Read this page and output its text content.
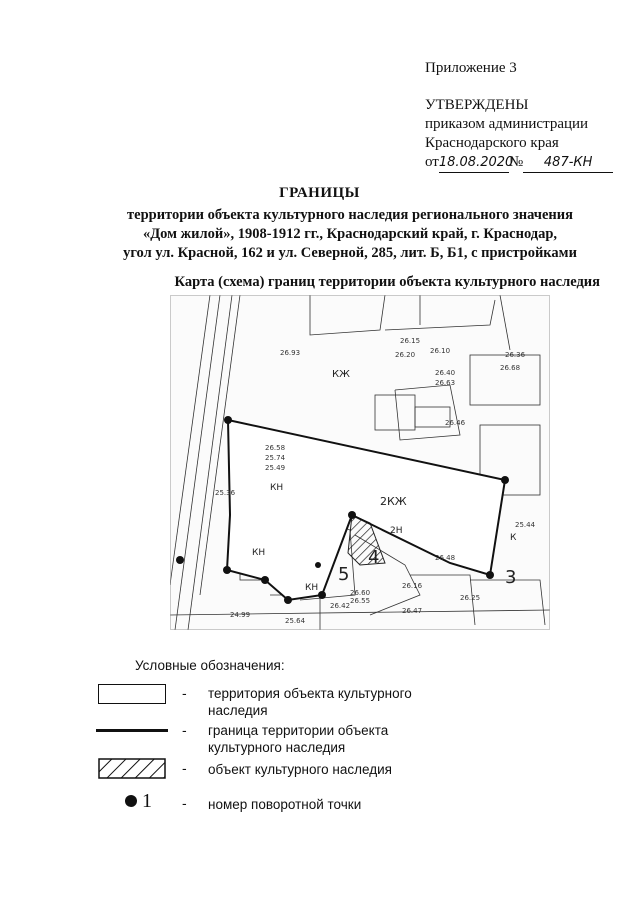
Приложение 3
УТВЕРЖДЕНЫ
приказом администрации
Краснодарского края
от18.08.2020№ 487-КН
ГРАНИЦЫ
территории объекта культурного наследия регионального значения
«Дом жилой», 1908-1912 гг., Краснодарский край, г. Краснодар,
угол ул. Красной, 162 и ул. Северной, 285, лит. Б, Б1, с пристройками
Карта (схема) границ территории объекта культурного наследия
КЖ
2КЖ
КН
КН
КН
2Н
К
3
4
5
26.15
26.10	26.36
26.93
26.58
25.74
25.49
25.36
26.40
26.48
26.47
26.42
26.60
26.55
25.64
24.99
26.46
26.63
26.68
25.44
26.16
26.25
26.20
Условные обозначения:
- территория объекта культурного
наследия
- граница территории объекта
культурного наследия
- объект культурного наследия
1 - номер поворотной точки
